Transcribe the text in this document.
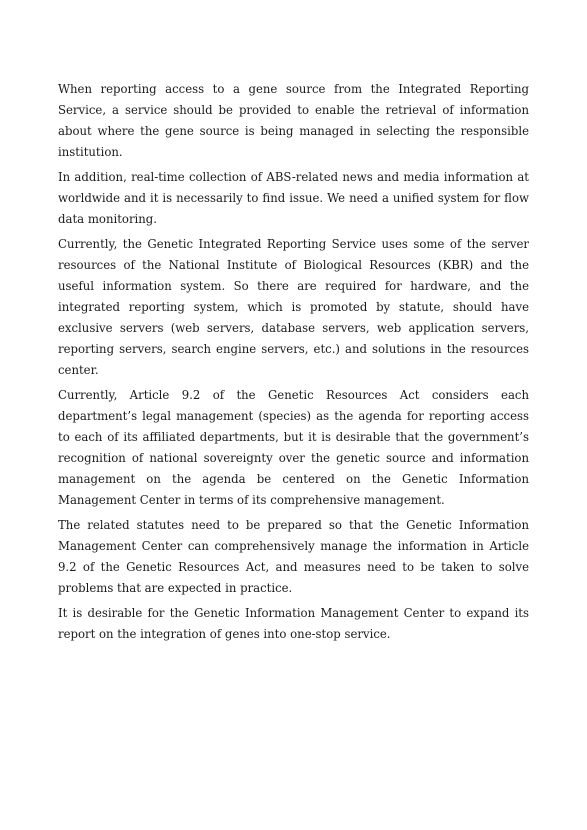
When reporting access to a gene source from the Integrated Reporting Service, a service should be provided to enable the retrieval of information about where the gene source is being managed in selecting the responsible institution.

In addition, real-time collection of ABS-related news and media information at worldwide and it is necessarily to find issue. We need a unified system for flow data monitoring.

Currently, the Genetic Integrated Reporting Service uses some of the server resources of the National Institute of Biological Resources (KBR) and the useful information system. So there are required for hardware, and the integrated reporting system, which is promoted by statute, should have exclusive servers (web servers, database servers, web application servers, reporting servers, search engine servers, etc.) and solutions in the resources center.

Currently, Article 9.2 of the Genetic Resources Act considers each department’s legal management (species) as the agenda for reporting access to each of its affiliated departments, but it is desirable that the government’s recognition of national sovereignty over the genetic source and information management on the agenda be centered on the Genetic Information Management Center in terms of its comprehensive management.

The related statutes need to be prepared so that the Genetic Information Management Center can comprehensively manage the information in Article 9.2 of the Genetic Resources Act, and measures need to be taken to solve problems that are expected in practice.

It is desirable for the Genetic Information Management Center to expand its report on the integration of genes into one-stop service.
